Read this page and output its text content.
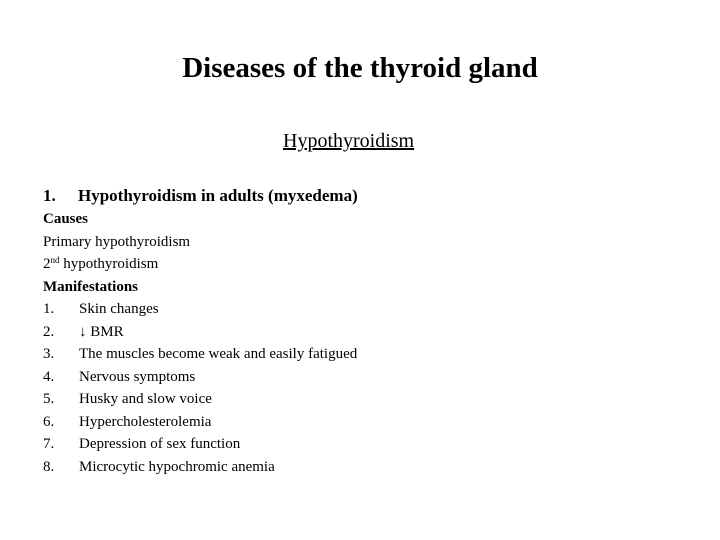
Diseases of the thyroid gland
Hypothyroidism
1. Hypothyroidism in adults (myxedema)
Causes
Primary hypothyroidism
2nd hypothyroidism
Manifestations
1. Skin changes
2. ↓ BMR
3. The muscles become weak and easily fatigued
4. Nervous symptoms
5. Husky and slow voice
6. Hypercholesterolemia
7. Depression of sex function
8. Microcytic hypochromic anemia
